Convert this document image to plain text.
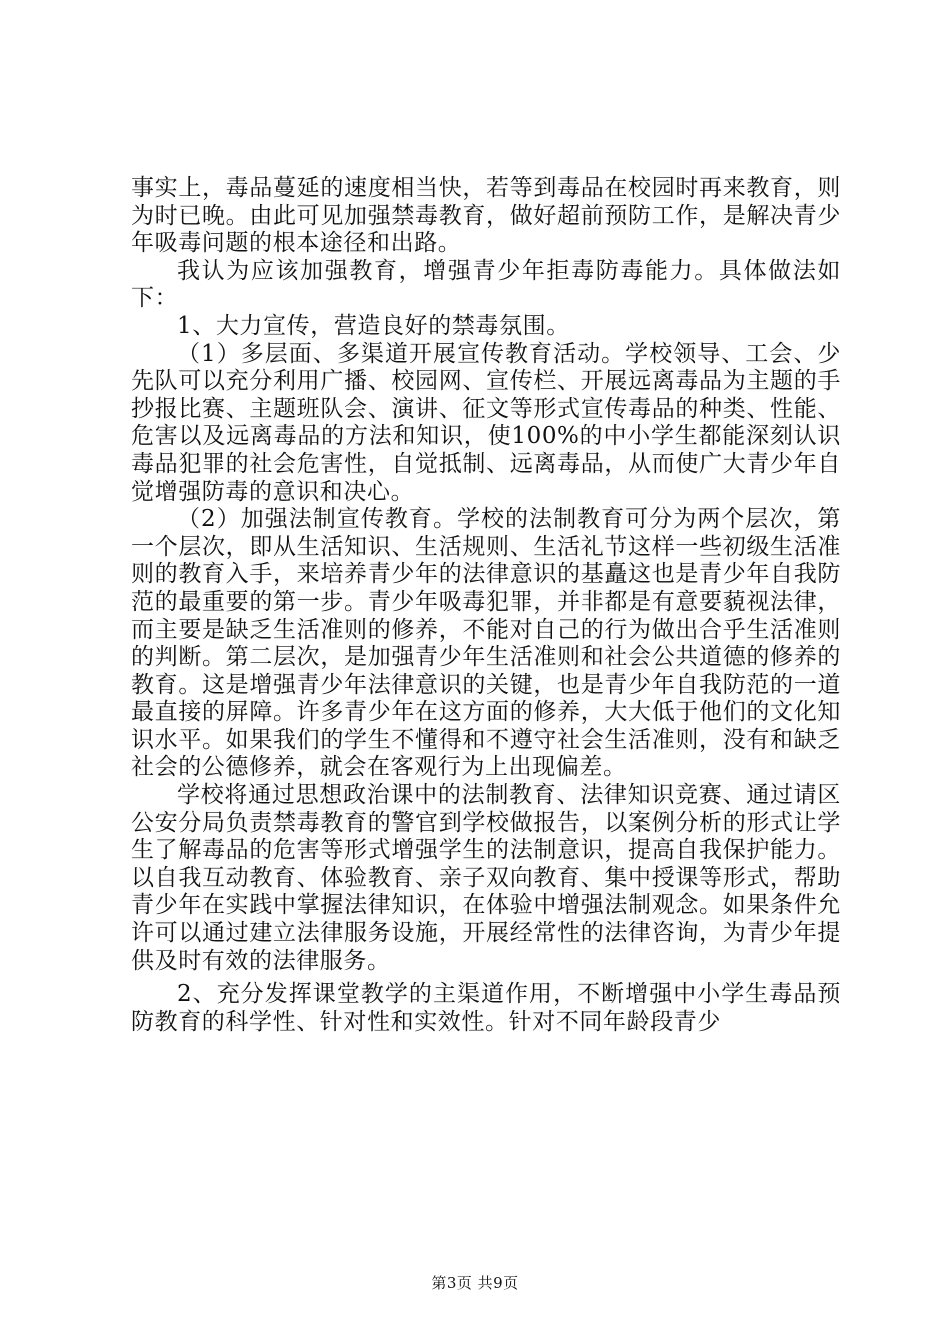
事实上，毒品蔓延的速度相当快，若等到毒品在校园时再来教育，则为时已晚。由此可见加强禁毒教育，做好超前预防工作，是解决青少年吸毒问题的根本途径和出路。

我认为应该加强教育，增强青少年拒毒防毒能力。具体做法如下：

1、大力宣传，营造良好的禁毒氛围。

（1）多层面、多渠道开展宣传教育活动。学校领导、工会、少先队可以充分利用广播、校园网、宣传栏、开展远离毒品为主题的手抄报比赛、主题班队会、演讲、征文等形式宣传毒品的种类、性能、危害以及远离毒品的方法和知识，使100%的中小学生都能深刻认识毒品犯罪的社会危害性，自觉抵制、远离毒品，从而使广大青少年自觉增强防毒的意识和决心。

（2）加强法制宣传教育。学校的法制教育可分为两个层次，第一个层次，即从生活知识、生活规则、生活礼节这样一些初级生活准则的教育入手，来培养青少年的法律意识的基矗这也是青少年自我防范的最重要的第一步。青少年吸毒犯罪，并非都是有意要藐视法律，而主要是缺乏生活准则的修养，不能对自己的行为做出合乎生活准则的判断。第二层次，是加强青少年生活准则和社会公共道德的修养的教育。这是增强青少年法律意识的关键，也是青少年自我防范的一道最直接的屏障。许多青少年在这方面的修养，大大低于他们的文化知识水平。如果我们的学生不懂得和不遵守社会生活准则，没有和缺乏社会的公德修养，就会在客观行为上出现偏差。

学校将通过思想政治课中的法制教育、法律知识竞赛、通过请区公安分局负责禁毒教育的警官到学校做报告，以案例分析的形式让学生了解毒品的危害等形式增强学生的法制意识，提高自我保护能力。以自我互动教育、体验教育、亲子双向教育、集中授课等形式，帮助青少年在实践中掌握法律知识，在体验中增强法制观念。如果条件允许可以通过建立法律服务设施，开展经常性的法律咨询，为青少年提供及时有效的法律服务。

2、充分发挥课堂教学的主渠道作用，不断增强中小学生毒品预防教育的科学性、针对性和实效性。针对不同年龄段青少

第3页 共9页
